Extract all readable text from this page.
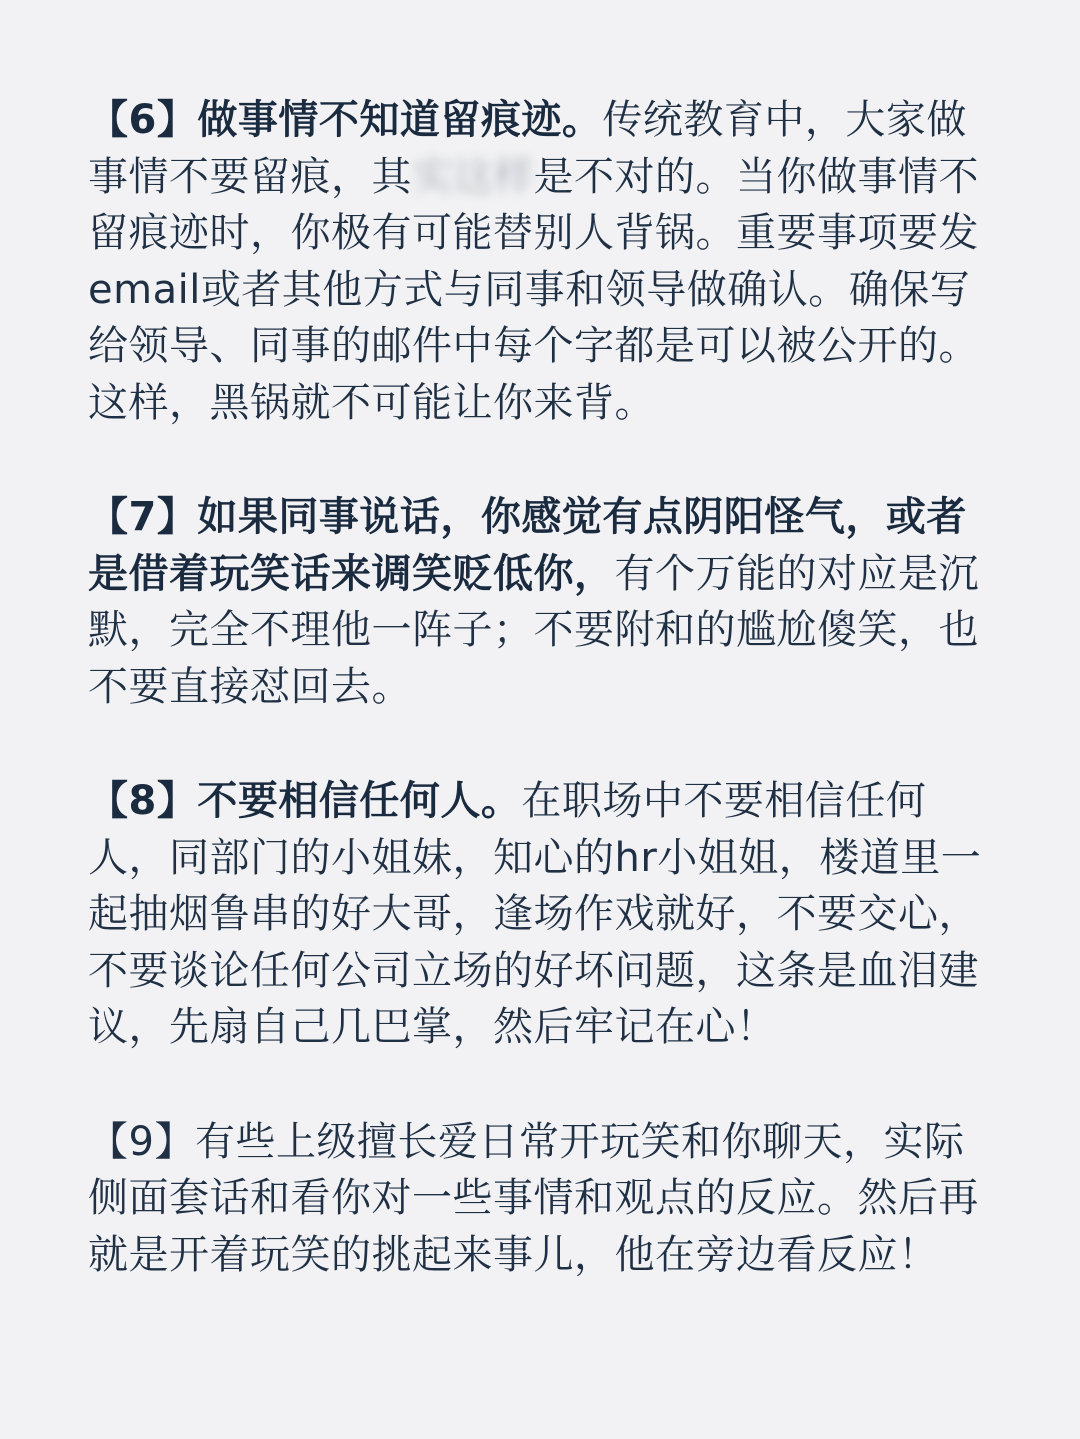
【6】做事情不知道留痕迹。传统教育中，大家做事情不要留痕，其实这样是不对的。当你做事情不留痕迹时，你极有可能替别人背锅。重要事项要发email或者其他方式与同事和领导做确认。确保写给领导、同事的邮件中每个字都是可以被公开的。这样，黑锅就不可能让你来背。

【7】如果同事说话，你感觉有点阴阳怪气，或者是借着玩笑话来调笑贬低你，有个万能的对应是沉默，完全不理他一阵子；不要附和的尴尬傻笑，也不要直接怼回去。

【8】不要相信任何人。在职场中不要相信任何人，同部门的小姐妹，知心的hr小姐姐，楼道里一起抽烟鲁串的好大哥，逢场作戏就好，不要交心，不要谈论任何公司立场的好坏问题，这条是血泪建议，先扇自己几巴掌，然后牢记在心！

【9】有些上级擅长爱日常开玩笑和你聊天，实际侧面套话和看你对一些事情和观点的反应。然后再就是开着玩笑的挑起来事儿，他在旁边看反应！
